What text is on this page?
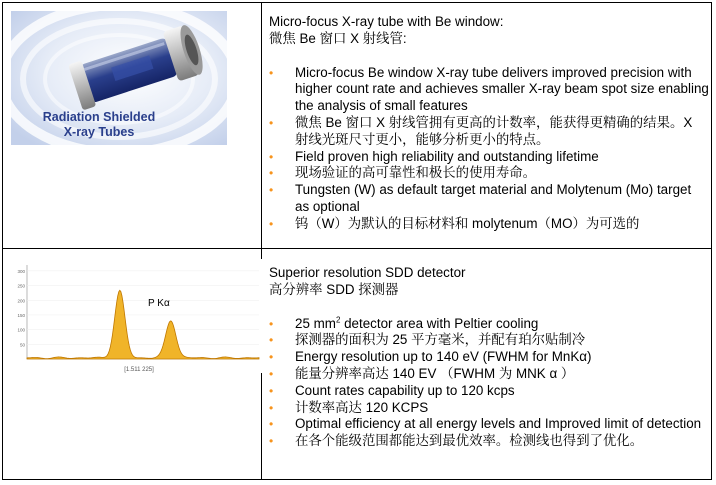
Radiation Shielded
X-ray Tubes

Micro-focus X-ray tube with Be window:

微焦 Be 窗口 X 射线管:

• Micro-focus Be window X-ray tube delivers improved precision with higher count rate and achieves smaller X-ray beam spot size enabling the analysis of small features
• 微焦 Be 窗口 X 射线管拥有更高的计数率，能获得更精确的结果。X 射线光斑尺寸更小，能够分析更小的特点。
• Field proven high reliability and outstanding lifetime
• 现场验证的高可靠性和极长的使用寿命。
• Tungsten (W) as default target material and Molytenum (Mo) target as optional
• 钨（W）为默认的目标材料和 molytenum（MO）为可选的
300
250
200
150
100
50
P Kα
[1.511 225]

Superior resolution SDD detector

高分辨率 SDD 探测器

• 25 $mm^2$ detector area with Peltier cooling
• 探测器的面积为 25 平方毫米，并配有珀尔贴制冷
• Energy resolution up to 140 eV (FWHM for MnKα)
• 能量分辨率高达 140 EV （FWHM 为 MNK α ）
• Count rates capability up to 120 kcps
• 计数率高达 120 KCPS
• Optimal efficiency at all energy levels and Improved limit of detection
• 在各个能级范围都能达到最优效率。检测线也得到了优化。
